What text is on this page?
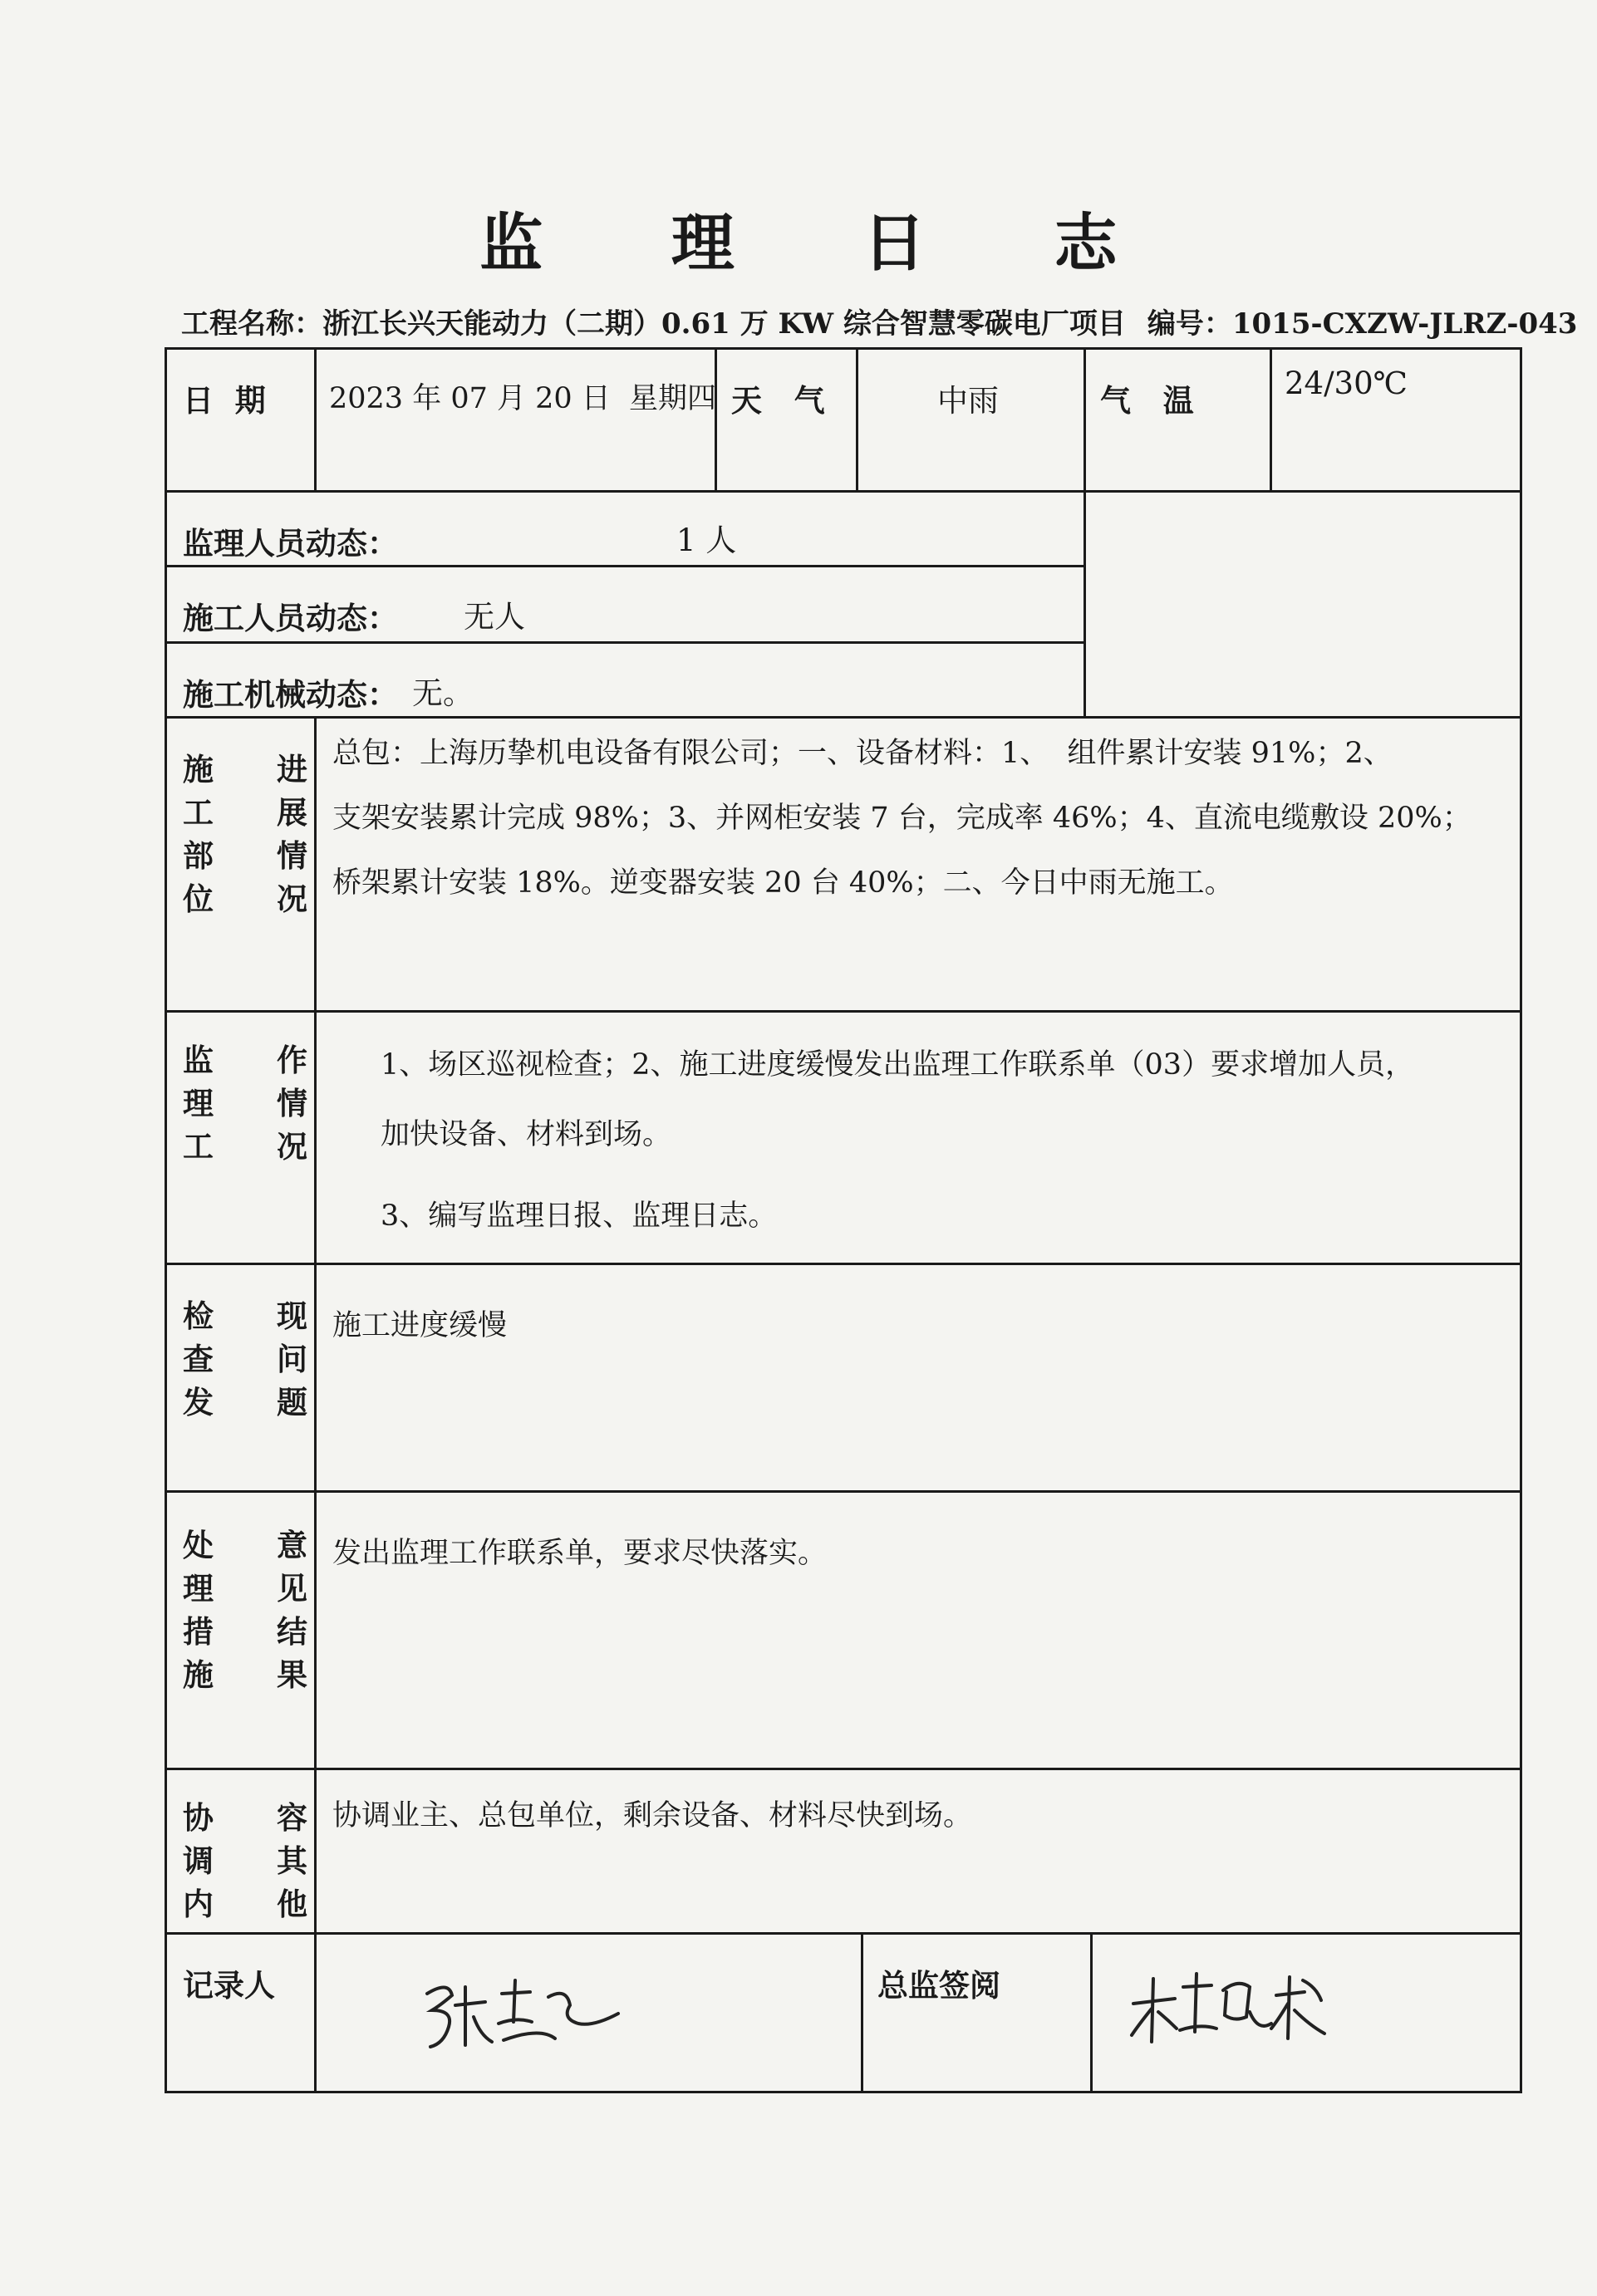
监 理 日 志
工程名称：浙江长兴天能动力（二期）0.61 万 KW 综合智慧零碳电厂项目 编号：1015-CXZW-JLRZ-043
日  期 2023 年 07 月 20 日  星期四 天   气	中雨	气   温	24/30℃
监理人员动态：	1 人
施工人员动态： 无人
施工机械动态： 无。
施	进
工	展
部	情
位	况
总包：上海历挚机电设备有限公司；一、设备材料：1、  组件累计安装 91%；2、
支架安装累计完成 98%；3、并网柜安装 7 台，完成率 46%；4、直流电缆敷设 20%；
桥架累计安装 18%。逆变器安装 20 台 40%；二、今日中雨无施工。
监	作
理	情
工	况
1、场区巡视检查；2、施工进度缓慢发出监理工作联系单（03）要求增加人员，
加快设备、材料到场。
3、编写监理日报、监理日志。
检	现
查	问
发	题
施工进度缓慢
处	意
理	见
措	结
施	果
发出监理工作联系单，要求尽快落实。
协	容
调	其
内	他
协调业主、总包单位，剩余设备、材料尽快到场。
记录人	总监签阅
